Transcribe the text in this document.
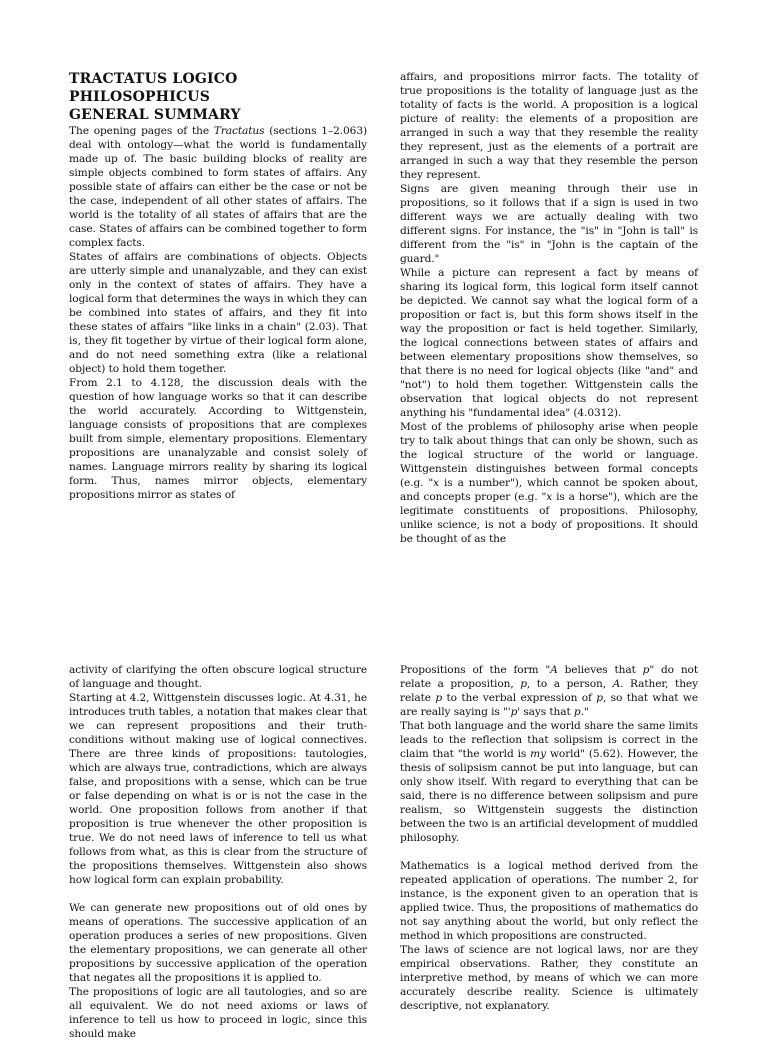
TRACTATUS LOGICO
PHILOSOPHICUS

GENERAL SUMMARY

The opening pages of the Tractatus (sections 1–2.063) deal with ontology—what the world is fundamentally made up of. The basic building blocks of reality are simple objects combined to form states of affairs. Any possible state of affairs can either be the case or not be the case, independent of all other states of affairs. The world is the totality of all states of affairs that are the case. States of affairs can be combined together to form complex facts.

States of affairs are combinations of objects. Objects are utterly simple and unanalyzable, and they can exist only in the context of states of affairs. They have a logical form that determines the ways in which they can be combined into states of affairs, and they fit into these states of affairs "like links in a chain" (2.03). That is, they fit together by virtue of their logical form alone, and do not need something extra (like a relational object) to hold them together.

From 2.1 to 4.128, the discussion deals with the question of how language works so that it can describe the world accurately. According to Wittgenstein, language consists of propositions that are complexes built from simple, elementary propositions. Elementary propositions are unanalyzable and consist solely of names. Language mirrors reality by sharing its logical form. Thus, names mirror objects, elementary propositions mirror as states of

affairs, and propositions mirror facts. The totality of true propositions is the totality of language just as the totality of facts is the world. A proposition is a logical picture of reality: the elements of a proposition are arranged in such a way that they resemble the reality they represent, just as the elements of a portrait are arranged in such a way that they resemble the person they represent.

Signs are given meaning through their use in propositions, so it follows that if a sign is used in two different ways we are actually dealing with two different signs. For instance, the "is" in "John is tall" is different from the "is" in "John is the captain of the guard."

While a picture can represent a fact by means of sharing its logical form, this logical form itself cannot be depicted. We cannot say what the logical form of a proposition or fact is, but this form shows itself in the way the proposition or fact is held together. Similarly, the logical connections between states of affairs and between elementary propositions show themselves, so that there is no need for logical objects (like "and" and "not") to hold them together. Wittgenstein calls the observation that logical objects do not represent anything his "fundamental idea" (4.0312).

Most of the problems of philosophy arise when people try to talk about things that can only be shown, such as the logical structure of the world or language. Wittgenstein distinguishes between formal concepts (e.g. "x is a number"), which cannot be spoken about, and concepts proper (e.g. "x is a horse"), which are the legitimate constituents of propositions. Philosophy, unlike science, is not a body of propositions. It should be thought of as the

activity of clarifying the often obscure logical structure of language and thought.

Starting at 4.2, Wittgenstein discusses logic. At 4.31, he introduces truth tables, a notation that makes clear that we can represent propositions and their truth-conditions without making use of logical connectives. There are three kinds of propositions: tautologies, which are always true, contradictions, which are always false, and propositions with a sense, which can be true or false depending on what is or is not the case in the world. One proposition follows from another if that proposition is true whenever the other proposition is true. We do not need laws of inference to tell us what follows from what, as this is clear from the structure of the propositions themselves. Wittgenstein also shows how logical form can explain probability.

We can generate new propositions out of old ones by means of operations. The successive application of an operation produces a series of new propositions. Given the elementary propositions, we can generate all other propositions by successive application of the operation that negates all the propositions it is applied to.

The propositions of logic are all tautologies, and so are all equivalent. We do not need axioms or laws of inference to tell us how to proceed in logic, since this should make

Propositions of the form "A believes that p" do not relate a proposition, p, to a person, A. Rather, they relate p to the verbal expression of p, so that what we are really saying is "'p' says that p."

That both language and the world share the same limits leads to the reflection that solipsism is correct in the claim that "the world is my world" (5.62). However, the thesis of solipsism cannot be put into language, but can only show itself. With regard to everything that can be said, there is no difference between solipsism and pure realism, so Wittgenstein suggests the distinction between the two is an artificial development of muddled philosophy.

Mathematics is a logical method derived from the repeated application of operations. The number 2, for instance, is the exponent given to an operation that is applied twice. Thus, the propositions of mathematics do not say anything about the world, but only reflect the method in which propositions are constructed.

The laws of science are not logical laws, nor are they empirical observations. Rather, they constitute an interpretive method, by means of which we can more accurately describe reality. Science is ultimately descriptive, not explanatory.
